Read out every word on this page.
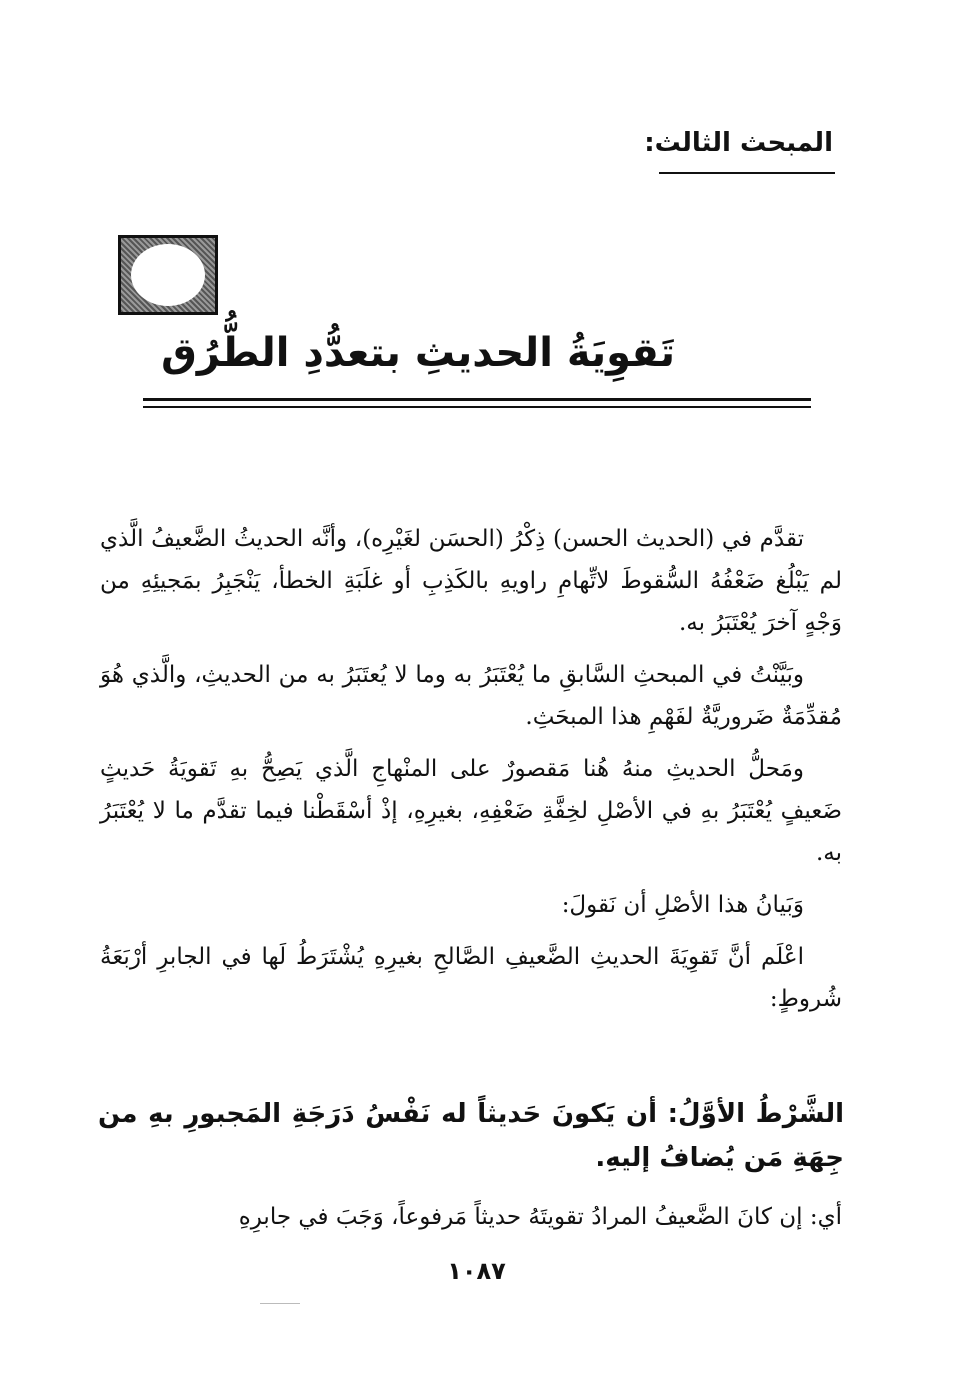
المبحث الثالث:
تَقوِيَةُ الحديثِ بتعدُّدِ الطُّرُق

تقدَّم في (الحديث الحسن) ذِكْرُ (الحسَن لغَيْرِه)، وأنَّه الحديثُ الضَّعيفُ الَّذي لم يَبْلُغ ضَعْفُهُ السُّقوطَ لاتِّهامِ راويهِ بالكَذِبِ أو غلَبَةِ الخطأ، يَنْجَبِرُ بمَجيئِهِ من وَجْهٍ آخرَ يُعْتَبَرُ به.

وبَيَّنْتُ في المبحثِ السَّابقِ ما يُعْتَبَرُ به وما لا يُعتَبَرُ به من الحديثِ، والَّذي هُوَ مُقدِّمَةٌ ضَروريَّةٌ لفَهْمِ هذا المبحَثِ.

ومَحلُّ الحديثِ منهُ هُنا مَقصورٌ على المنْهاجِ الَّذي يَصِحُّ بهِ تَقويَةُ حَديثٍ ضَعيفٍ يُعْتَبَرُ بهِ في الأصْلِ لخِفَّةِ ضَعْفِهِ، بغيرِهِ، إذْ أسْقَطْنا فيما تقدَّم ما لا يُعْتَبَرُ به.

وَبَيانُ هذا الأصْلِ أن نَقولَ:

اعْلَم أنَّ تَقوِيَةَ الحديثِ الضَّعيفِ الصَّالحِ بغيرِهِ يُشْتَرَطُ لَها في الجابرِ أرْبَعَةُ شُروطٍ:

الشَّرْطُ الأوَّلُ: أن يَكونَ حَديثاً له نَفْسُ دَرَجَةِ المَجبورِ بهِ من جِهَةِ مَن يُضافُ إليهِ.
أي: إن كانَ الضَّعيفُ المرادُ تقويتَهُ حديثاً مَرفوعاً، وَجَبَ في جابرِهِ
١٠٨٧
